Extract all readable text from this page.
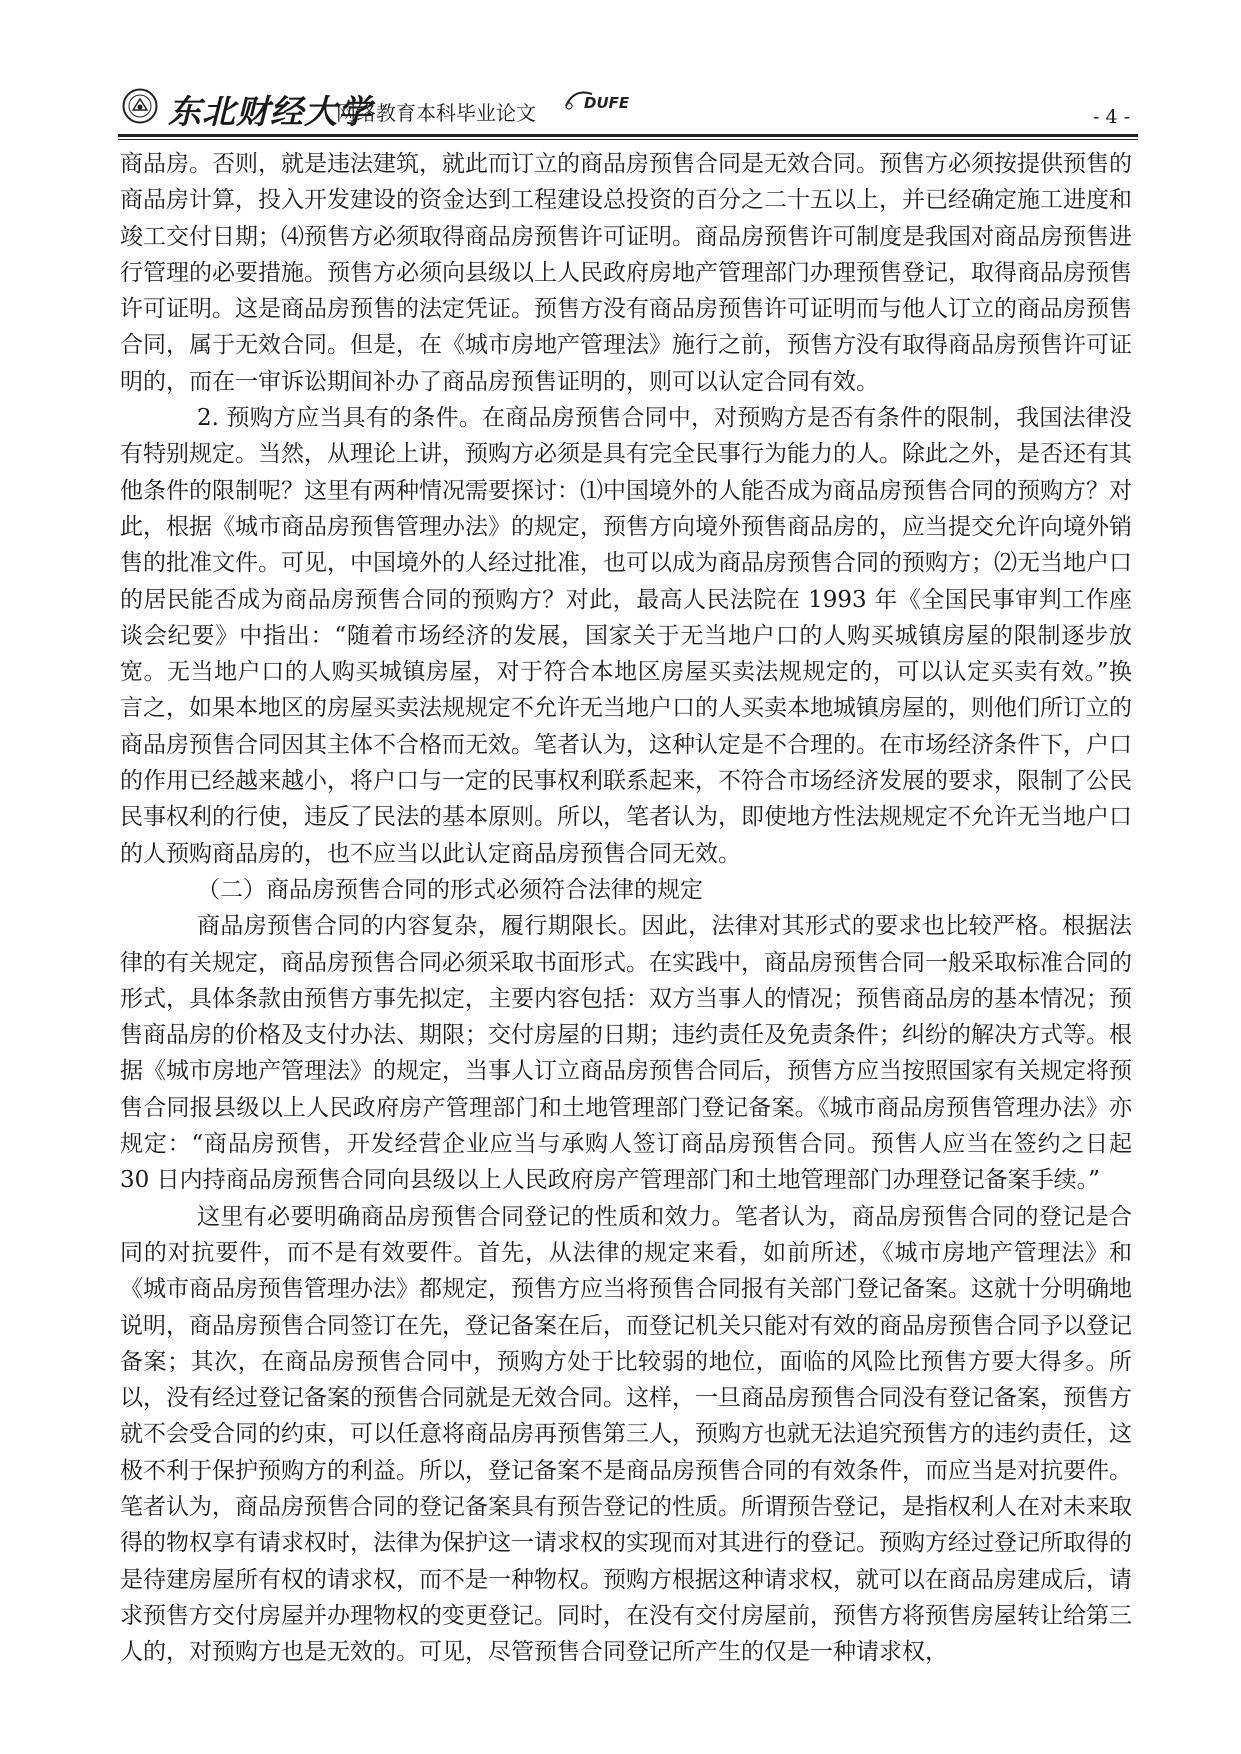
东北财经大学
网络教育本科毕业论文	DUFE
- 4 -

商品房。否则，就是违法建筑，就此而订立的商品房预售合同是无效合同。预售方必须按提供预售的商品房计算，投入开发建设的资金达到工程建设总投资的百分之二十五以上，并已经确定施工进度和竣工交付日期；⑷预售方必须取得商品房预售许可证明。商品房预售许可制度是我国对商品房预售进行管理的必要措施。预售方必须向县级以上人民政府房地产管理部门办理预售登记，取得商品房预售许可证明。这是商品房预售的法定凭证。预售方没有商品房预售许可证明而与他人订立的商品房预售合同，属于无效合同。但是，在《城市房地产管理法》施行之前，预售方没有取得商品房预售许可证明的，而在一审诉讼期间补办了商品房预售证明的，则可以认定合同有效。

2. 预购方应当具有的条件。在商品房预售合同中，对预购方是否有条件的限制，我国法律没有特别规定。当然，从理论上讲，预购方必须是具有完全民事行为能力的人。除此之外，是否还有其他条件的限制呢？这里有两种情况需要探讨：⑴中国境外的人能否成为商品房预售合同的预购方？对此，根据《城市商品房预售管理办法》的规定，预售方向境外预售商品房的，应当提交允许向境外销售的批准文件。可见，中国境外的人经过批准，也可以成为商品房预售合同的预购方；⑵无当地户口的居民能否成为商品房预售合同的预购方？对此，最高人民法院在 1993 年《全国民事审判工作座谈会纪要》中指出：“随着市场经济的发展，国家关于无当地户口的人购买城镇房屋的限制逐步放宽。无当地户口的人购买城镇房屋，对于符合本地区房屋买卖法规规定的，可以认定买卖有效。”换言之，如果本地区的房屋买卖法规规定不允许无当地户口的人买卖本地城镇房屋的，则他们所订立的商品房预售合同因其主体不合格而无效。笔者认为，这种认定是不合理的。在市场经济条件下，户口的作用已经越来越小，将户口与一定的民事权利联系起来，不符合市场经济发展的要求，限制了公民民事权利的行使，违反了民法的基本原则。所以，笔者认为，即使地方性法规规定不允许无当地户口的人预购商品房的，也不应当以此认定商品房预售合同无效。

（二）商品房预售合同的形式必须符合法律的规定

商品房预售合同的内容复杂，履行期限长。因此，法律对其形式的要求也比较严格。根据法律的有关规定，商品房预售合同必须采取书面形式。在实践中，商品房预售合同一般采取标准合同的形式，具体条款由预售方事先拟定，主要内容包括：双方当事人的情况；预售商品房的基本情况；预售商品房的价格及支付办法、期限；交付房屋的日期；违约责任及免责条件；纠纷的解决方式等。根据《城市房地产管理法》的规定，当事人订立商品房预售合同后，预售方应当按照国家有关规定将预售合同报县级以上人民政府房产管理部门和土地管理部门登记备案。《城市商品房预售管理办法》亦规定：“商品房预售，开发经营企业应当与承购人签订商品房预售合同。预售人应当在签约之日起 30 日内持商品房预售合同向县级以上人民政府房产管理部门和土地管理部门办理登记备案手续。”

这里有必要明确商品房预售合同登记的性质和效力。笔者认为，商品房预售合同的登记是合同的对抗要件，而不是有效要件。首先，从法律的规定来看，如前所述，《城市房地产管理法》和《城市商品房预售管理办法》都规定，预售方应当将预售合同报有关部门登记备案。这就十分明确地说明，商品房预售合同签订在先，登记备案在后，而登记机关只能对有效的商品房预售合同予以登记备案；其次，在商品房预售合同中，预购方处于比较弱的地位，面临的风险比预售方要大得多。所以，没有经过登记备案的预售合同就是无效合同。这样，一旦商品房预售合同没有登记备案，预售方就不会受合同的约束，可以任意将商品房再预售第三人，预购方也就无法追究预售方的违约责任，这极不利于保护预购方的利益。所以，登记备案不是商品房预售合同的有效条件，而应当是对抗要件。笔者认为，商品房预售合同的登记备案具有预告登记的性质。所谓预告登记，是指权利人在对未来取得的物权享有请求权时，法律为保护这一请求权的实现而对其进行的登记。预购方经过登记所取得的是待建房屋所有权的请求权，而不是一种物权。预购方根据这种请求权，就可以在商品房建成后，请求预售方交付房屋并办理物权的变更登记。同时，在没有交付房屋前，预售方将预售房屋转让给第三人的，对预购方也是无效的。可见，尽管预售合同登记所产生的仅是一种请求权，
